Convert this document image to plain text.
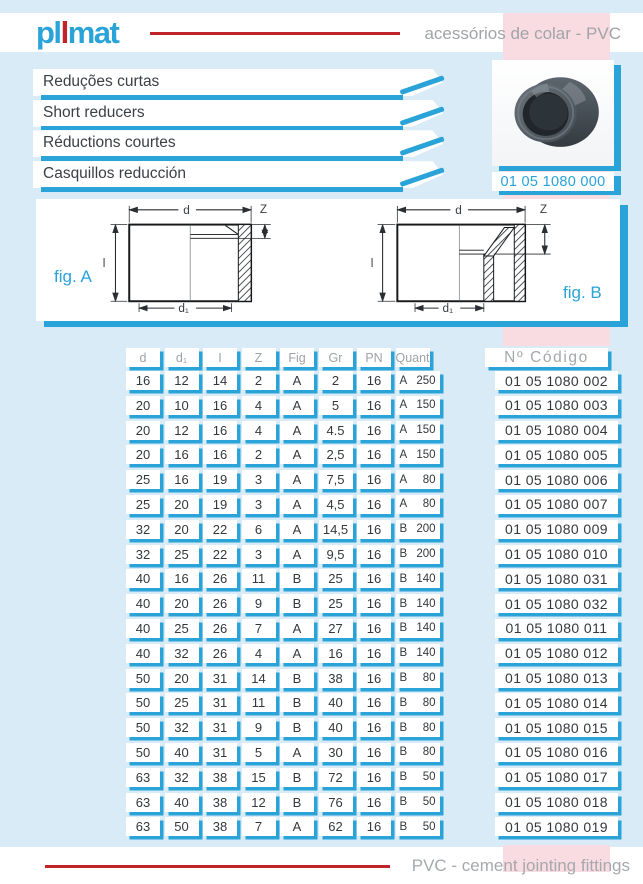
pllmat	acessórios de colar - PVC
Reduções curtas
Short reducers
Réductions courtes
Casquillos reducción	01 05 1080 000
d	Z
l
d₁
d	Z
l
d₁
fig. A
fig. B
d	d₁	I	Z	Fig	Gr	PN	Quant	Nº Código
16	12	14	2	A	2	16	A 250	01 05 1080 002
20	10	16	4	A	5	16	A 150	01 05 1080 003
20	12	16	4	A	4.5	16	A 150	01 05 1080 004
20	16	16	2	A	2,5	16	A 150	01 05 1080 005
25	16	19	3	A	7,5	16	A 80	01 05 1080 006
25	20	19	3	A	4,5	16	A 80	01 05 1080 007
32	20	22	6	A	14,5	16	B 200	01 05 1080 009
32	25	22	3	A	9,5	16	B 200	01 05 1080 010
40	16	26	11	B	25	16	B 140	01 05 1080 031
40	20	26	9	B	25	16	B 140	01 05 1080 032
40	25	26	7	A	27	16	B 140	01 05 1080 011
40	32	26	4	A	16	16	B 140	01 05 1080 012
50	20	31	14	B	38	16	B 80	01 05 1080 013
50	25	31	11	B	40	16	B 80	01 05 1080 014
50	32	31	9	B	40	16	B 80	01 05 1080 015
50	40	31	5	A	30	16	B 80	01 05 1080 016
63	32	38	15	B	72	16	B 50	01 05 1080 017
63	40	38	12	B	76	16	B 50	01 05 1080 018
63	50	38	7	A	62	16	B 50	01 05 1080 019
PVC - cement jointing fittings
